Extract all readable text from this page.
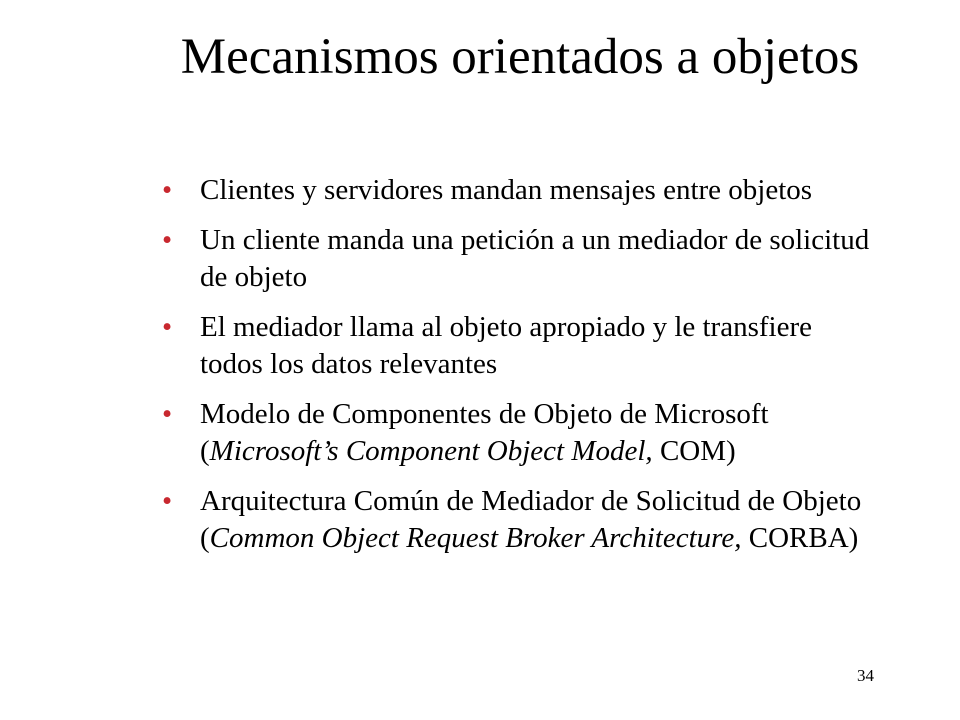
Mecanismos orientados a objetos
• Clientes y servidores mandan mensajes entre objetos
• Un cliente manda una petición a un mediador de solicitud de objeto
• El mediador llama al objeto apropiado y le transfiere todos los datos relevantes
• Modelo de Componentes de Objeto de Microsoft (Microsoft’s Component Object Model, COM)
• Arquitectura Común de Mediador de Solicitud de Objeto (Common Object Request Broker Architecture, CORBA)
34
